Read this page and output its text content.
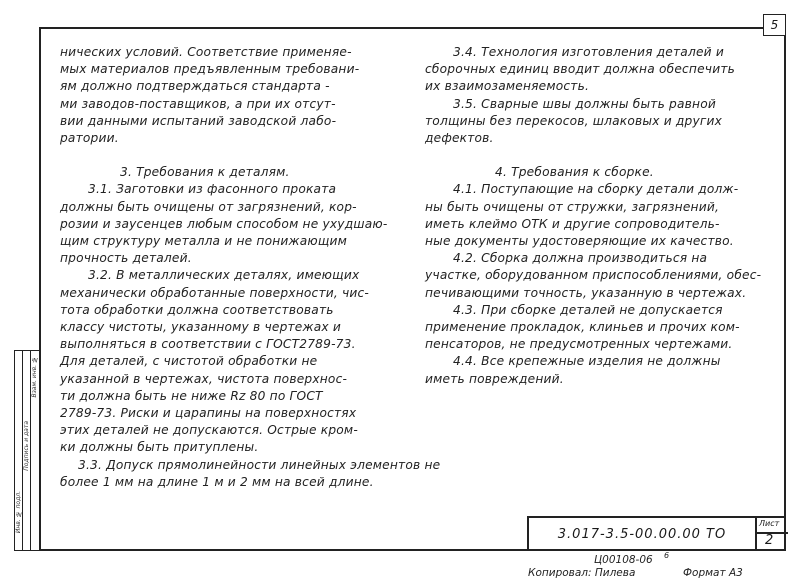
5

нических условий. Соответствие применяе-

мых материалов предъявленным требовани-

ям должно подтверждаться стандарта -

ми заводов-поставщиков, а при их отсут-

вии данными испытаний заводской лабо-

ратории.

3. Требования к деталям.

3.1. Заготовки из фасонного проката

должны быть очищены от загрязнений, кор-

розии и заусенцев любым способом не ухудшаю-

щим структуру металла и не понижающим

прочность деталей.

3.2. В металлических деталях, имеющих

механически обработанные поверхности, чис-

тота обработки должна соответствовать

классу чистоты, указанному в чертежах и

выполняться в соответствии с ГОСТ2789-73.

Для деталей, с чистотой обработки не

указанной в чертежах, чистота поверхнос-

ти должна быть не ниже Rz 80 по ГОСТ

2789-73. Риски и царапины на поверхностях

этих деталей не допускаются. Острые кром-

ки должны быть притуплены.

3.3. Допуск прямолинейности линейных элементов не

более 1 мм на длине 1 м и 2 мм на всей длине.

3.4. Технология изготовления деталей и

сборочных единиц вводит должна обеспечить

их взаимозаменяемость.

3.5. Сварные швы должны быть равной

толщины без перекосов, шлаковых и других

дефектов.

4. Требования к сборке.

4.1. Поступающие на сборку детали долж-

ны быть очищены от стружки, загрязнений,

иметь клеймо ОТК и другие сопроводитель-

ные документы удостоверяющие их качество.

4.2. Сборка должна производиться на

участке, оборудованном приспособлениями, обес-

печивающими точность, указанную в чертежах.

4.3. При сборке деталей не допускается

применение прокладок, клиньев и прочих ком-

пенсаторов, не предусмотренных чертежами.

4.4. Все крепежные изделия не должны

иметь повреждений.

Инв. № подл.
Подпись и дата
Взам. инв. №
3.017-3.5-00.00.00 ТО
Лист
2
Ц00108-06 6
Копировал: Пилева	Формат А3
